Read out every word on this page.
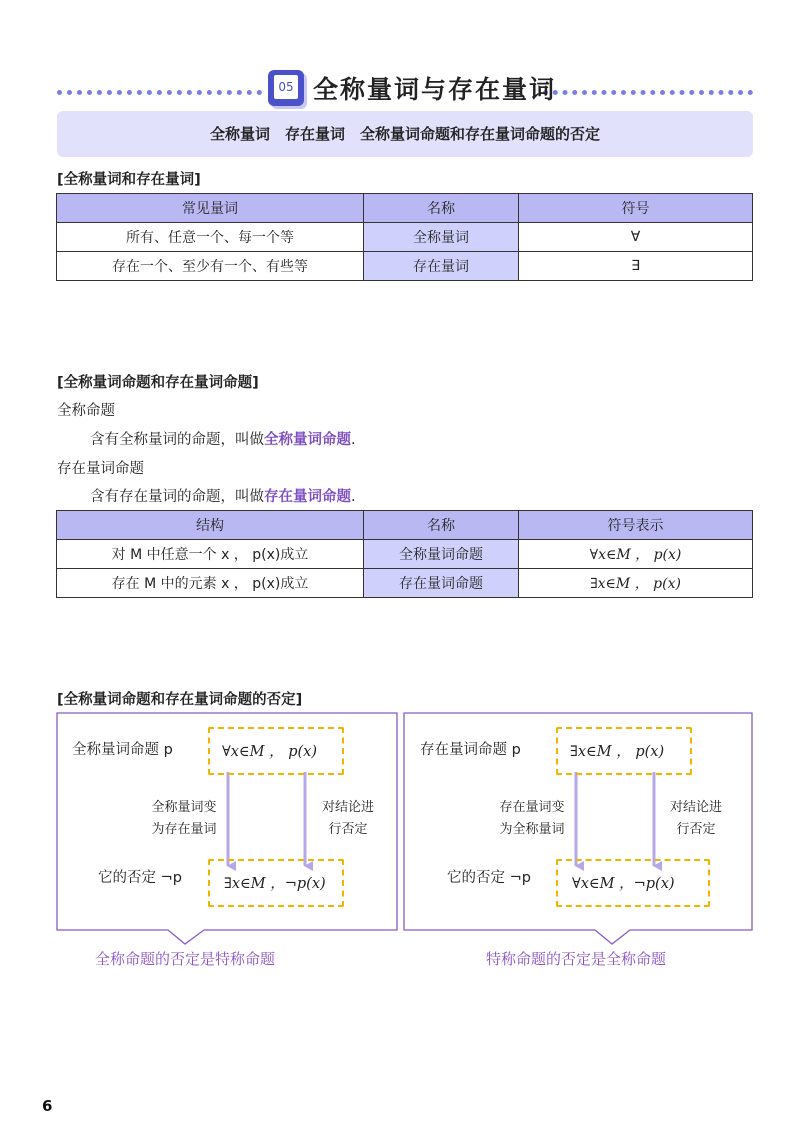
05 全称量词与存在量词
全称量词　存在量词　全称量词命题和存在量词命题的否定
[全称量词和存在量词]
常见量词	名称	符号
所有、任意一个、每一个等	全称量词	∀
存在一个、至少有一个、有些等	存在量词	∃
[全称量词命题和存在量词命题]
全称命题
含有全称量词的命题，叫做全称量词命题.
存在量词命题
含有存在量词的命题，叫做存在量词命题.
结构	名称	符号表示
对 M 中任意一个 x ， p(x)成立	全称量词命题	∀x∈M ， p(x)
存在 M 中的元素 x ， p(x)成立	存在量词命题	∃x∈M ， p(x)
[全称量词命题和存在量词命题的否定]
全称量词命题 p	∀x∈M ， p(x)
全称量词变
为存在量词
对结论进
行否定
它的否定 ¬p	∃x∈M ，¬p(x)
全称命题的否定是特称命题
存在量词命题 p	∃x∈M ， p(x)
存在量词变
为全称量词
对结论进
行否定
它的否定 ¬p	∀x∈M ，¬p(x)
特称命题的否定是全称命题
6
